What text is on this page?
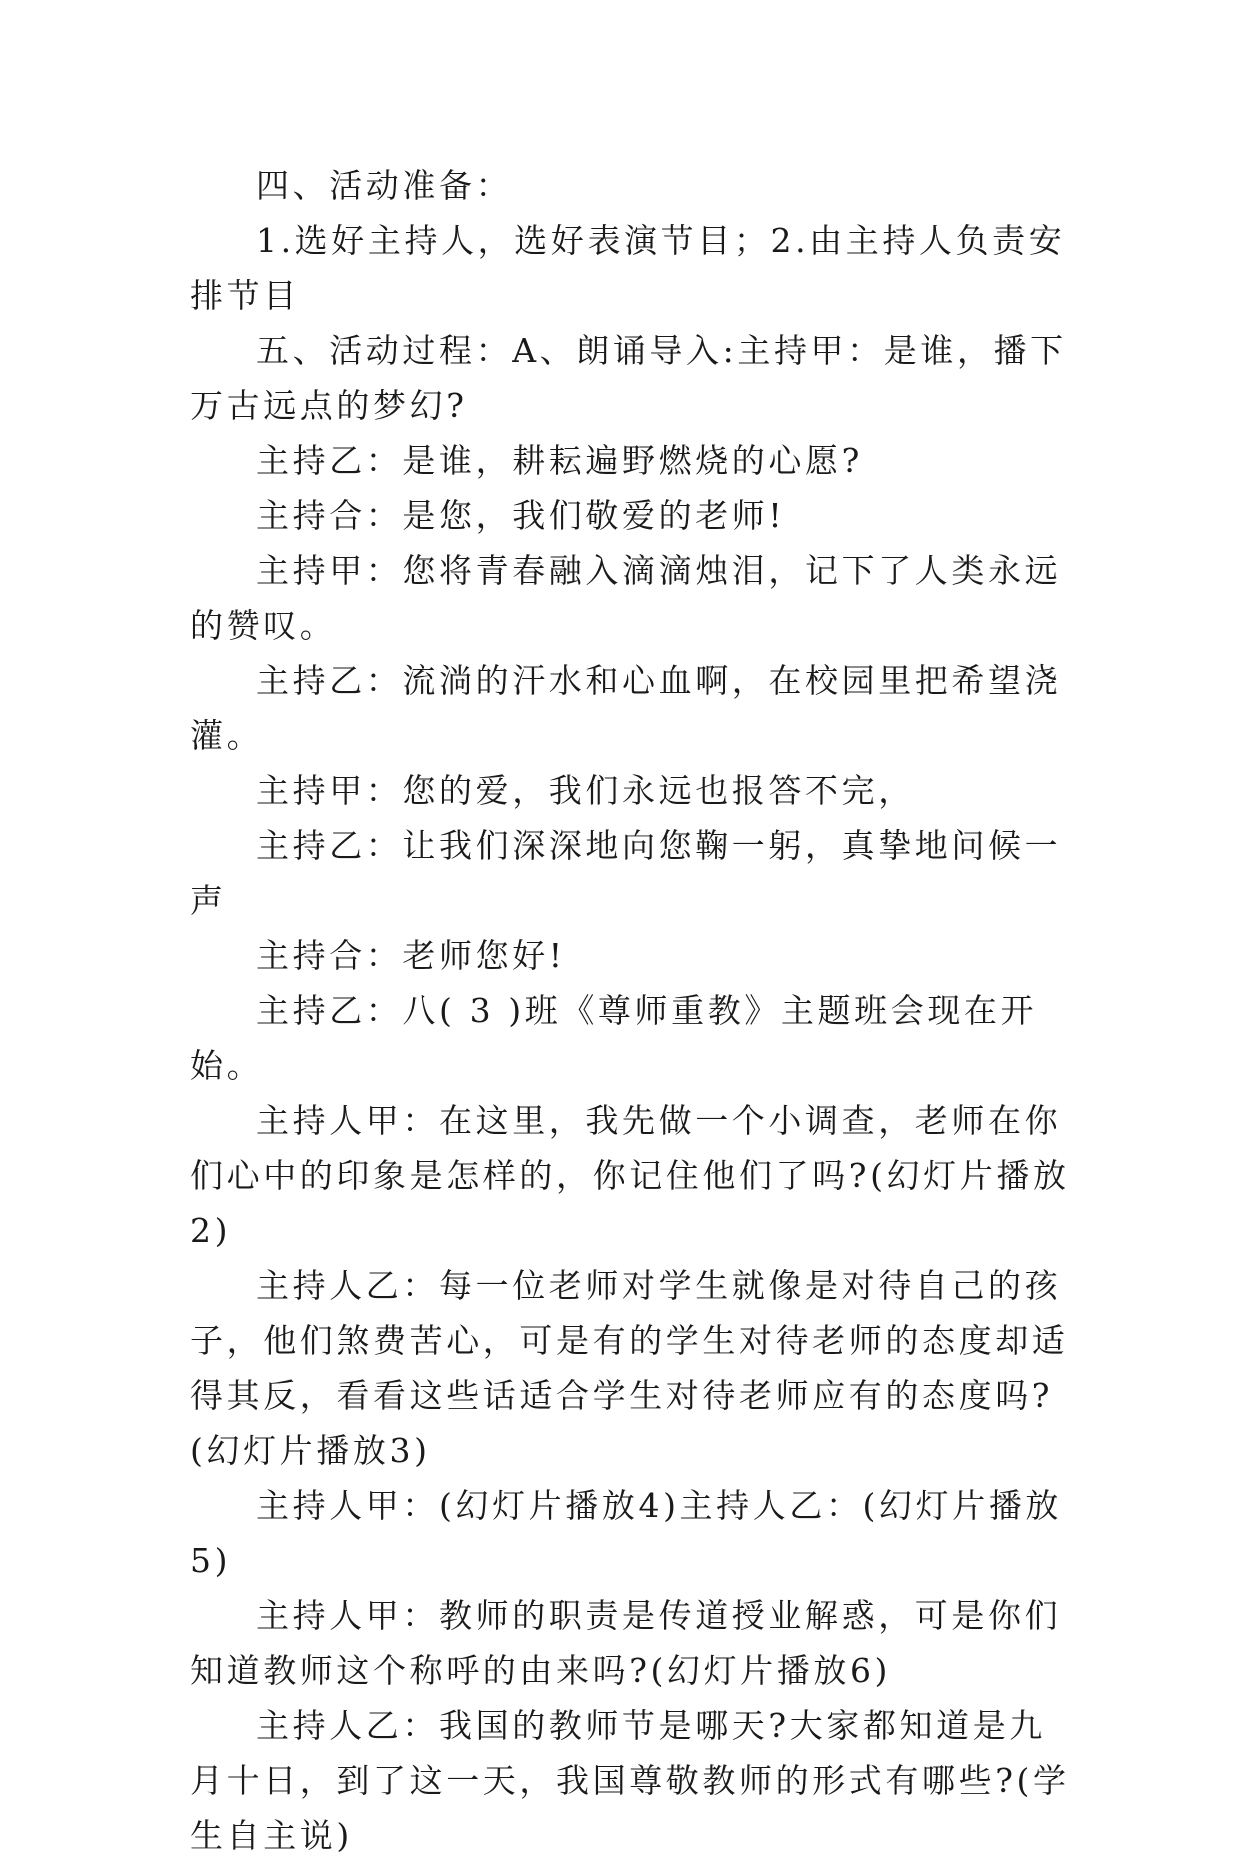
四、活动准备：

1.选好主持人，选好表演节目；2.由主持人负责安排节目

五、活动过程：A、朗诵导入:主持甲：是谁，播下万古远点的梦幻?

主持乙：是谁，耕耘遍野燃烧的心愿?

主持合：是您，我们敬爱的老师!

主持甲：您将青春融入滴滴烛泪，记下了人类永远的赞叹。

主持乙：流淌的汗水和心血啊，在校园里把希望浇灌。

主持甲：您的爱，我们永远也报答不完，

主持乙：让我们深深地向您鞠一躬，真挚地问候一声

主持合：老师您好!

主持乙：八( 3 )班《尊师重教》主题班会现在开始。

主持人甲：在这里，我先做一个小调查，老师在你们心中的印象是怎样的，你记住他们了吗?(幻灯片播放2)

主持人乙：每一位老师对学生就像是对待自己的孩子，他们煞费苦心，可是有的学生对待老师的态度却适得其反，看看这些话适合学生对待老师应有的态度吗?(幻灯片播放3)

主持人甲：(幻灯片播放4)主持人乙：(幻灯片播放5)

主持人甲：教师的职责是传道授业解惑，可是你们知道教师这个称呼的由来吗?(幻灯片播放6)

主持人乙：我国的教师节是哪天?大家都知道是九月十日，到了这一天，我国尊敬教师的形式有哪些?(学生自主说)
